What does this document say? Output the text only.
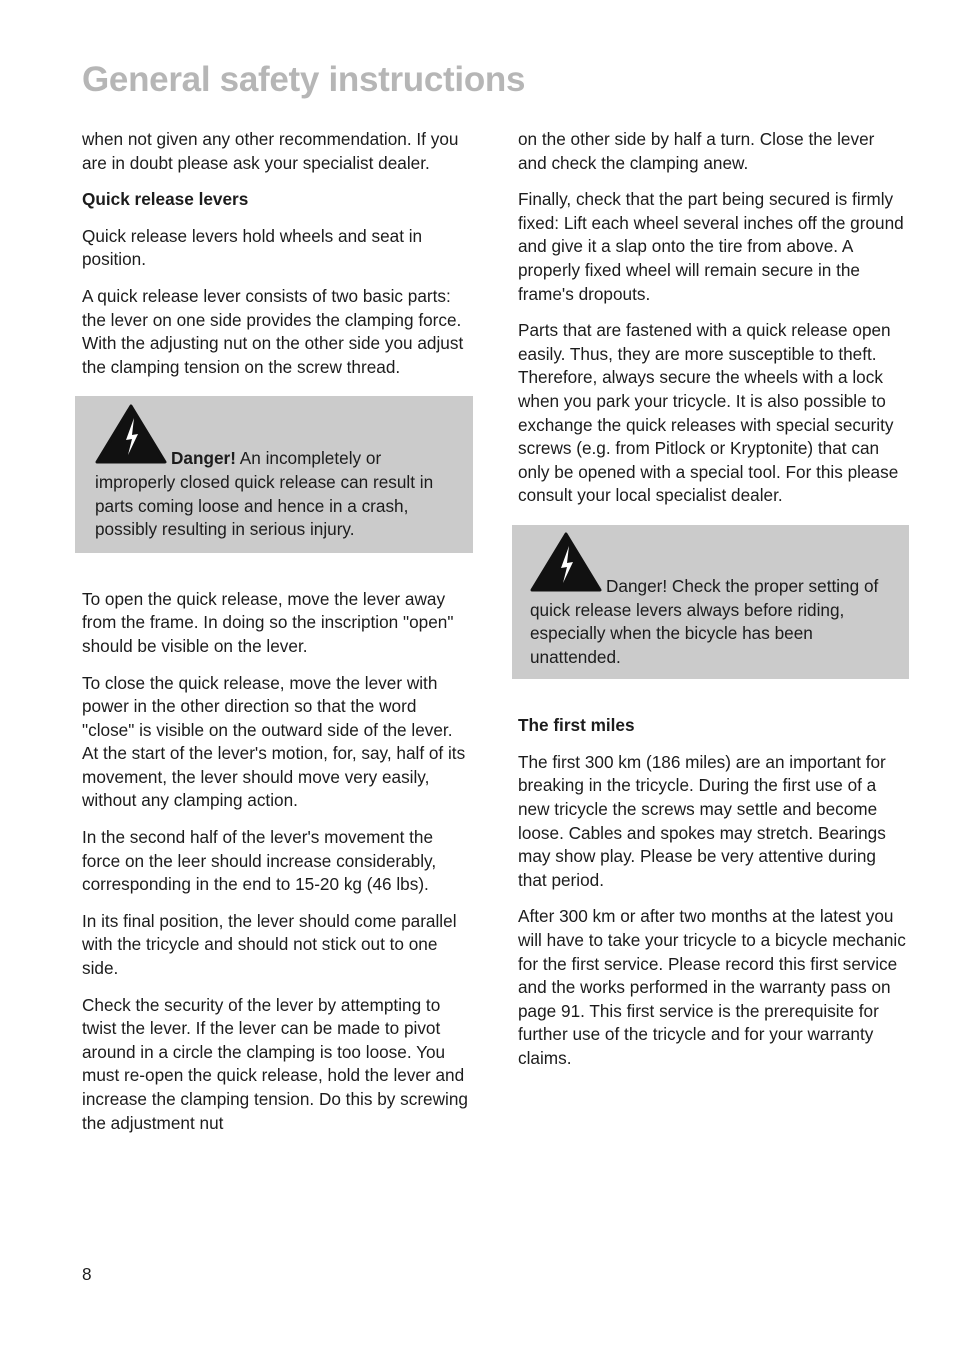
General safety instructions

when not given any other recommendation. If you are in doubt please ask your specialist dealer.

Quick release levers

Quick release levers hold wheels and seat in position.

A quick release lever consists of two basic parts: the lever on one side provides the clamping force. With the adjusting nut on the other side you adjust the clamping tension on the screw thread.

Danger! An incompletely or improperly closed quick release can result in parts coming loose and hence in a crash, possibly resulting in serious injury.

To open the quick release, move the lever away from the frame. In doing so the inscription "open" should be visible on the lever.

To close the quick release, move the lever with power in the other direction so that the word "close" is visible on the outward side of the lever. At the start of the lever's motion, for, say, half of its movement, the lever should move very easily, without any clamping action.

In the second half of the lever's movement the force on the leer should increase considerably, corresponding in the end to 15-20 kg (46 lbs).

In its final position, the lever should come parallel with the tricycle and should not stick out to one side.

Check the security of the lever by attempting to twist the lever. If the lever can be made to pivot around in a circle the clamping is too loose. You must re-open the quick release, hold the lever and increase the clamping tension. Do this by screwing the adjustment nut

on the other side by half a turn. Close the lever and check the clamping anew.

Finally, check that the part being secured is firmly fixed: Lift each wheel several inches off the ground and give it a slap onto the tire from above. A properly fixed wheel will remain secure in the frame's dropouts.

Parts that are fastened with a quick release open easily. Thus, they are more susceptible to theft. Therefore, always secure the wheels with a lock when you park your tricycle. It is also possible to exchange the quick releases with special security screws (e.g. from Pitlock or Kryptonite) that can only be opened with a special tool. For this please consult your local specialist dealer.

Danger! Check the proper setting of quick release levers always before riding, especially when the bicycle has been unattended.

The first miles

The first 300 km (186 miles) are an important for breaking in the tricycle. During the first use of a new tricycle the screws may settle and become loose. Cables and spokes may stretch. Bearings may show play. Please be very attentive during that period.

After 300 km or after two months at the latest you will have to take your tricycle to a bicycle mechanic for the first service. Please record this first service and the works performed in the warranty pass on page 91. This first service is the prerequisite for further use of the tricycle and for your warranty claims.

8
